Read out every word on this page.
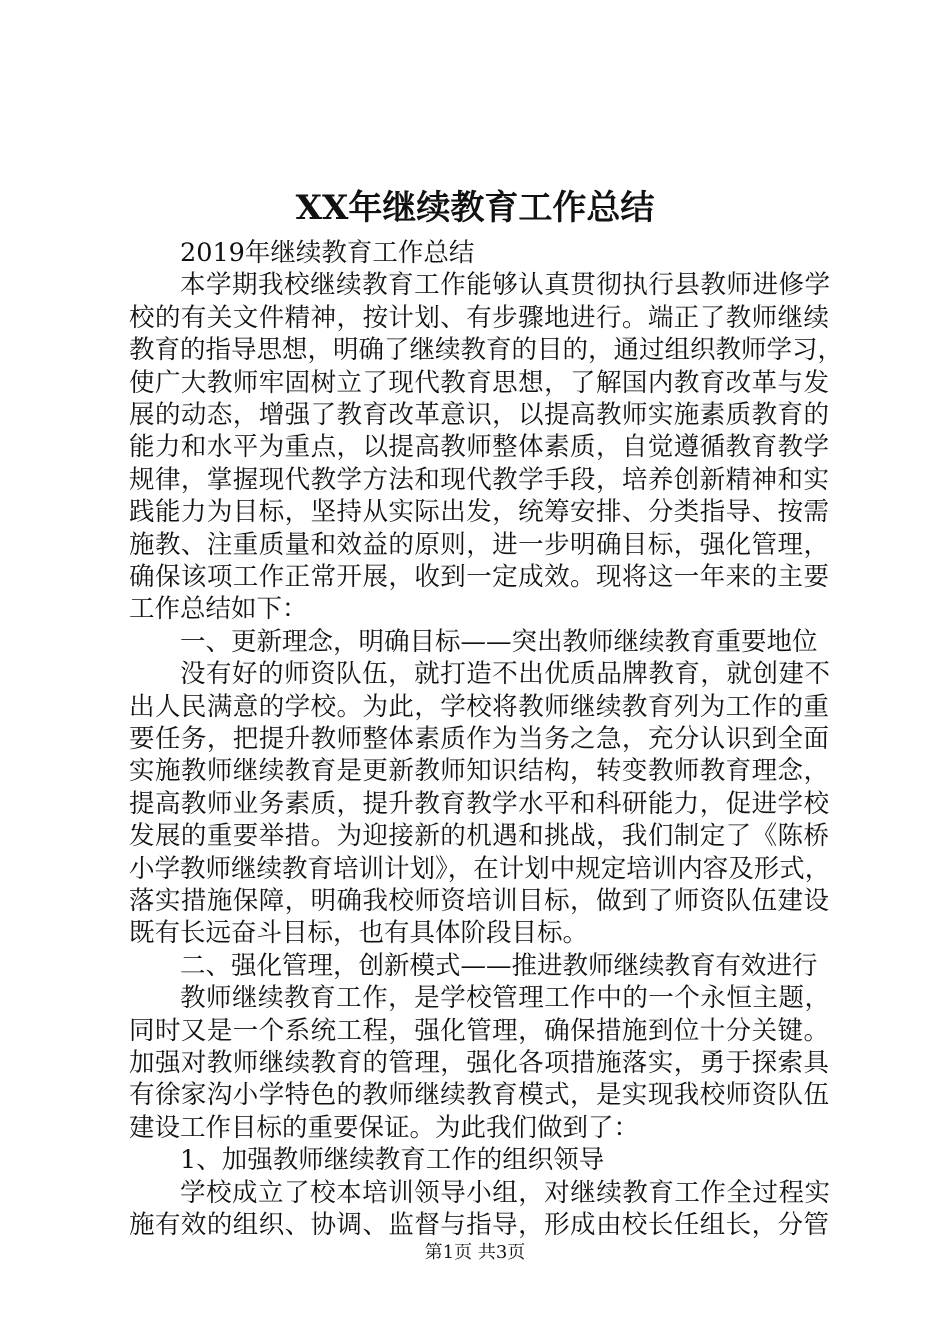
XX年继续教育工作总结
2019年继续教育工作总结
本学期我校继续教育工作能够认真贯彻执行县教师进修学
校的有关文件精神，按计划、有步骤地进行。端正了教师继续
教育的指导思想，明确了继续教育的目的，通过组织教师学习，
使广大教师牢固树立了现代教育思想，了解国内教育改革与发
展的动态，增强了教育改革意识，以提高教师实施素质教育的
能力和水平为重点，以提高教师整体素质，自觉遵循教育教学
规律，掌握现代教学方法和现代教学手段，培养创新精神和实
践能力为目标，坚持从实际出发，统筹安排、分类指导、按需
施教、注重质量和效益的原则，进一步明确目标，强化管理，
确保该项工作正常开展，收到一定成效。现将这一年来的主要
工作总结如下：
一、更新理念，明确目标——突出教师继续教育重要地位
没有好的师资队伍，就打造不出优质品牌教育，就创建不
出人民满意的学校。为此，学校将教师继续教育列为工作的重
要任务，把提升教师整体素质作为当务之急，充分认识到全面
实施教师继续教育是更新教师知识结构，转变教师教育理念，
提高教师业务素质，提升教育教学水平和科研能力，促进学校
发展的重要举措。为迎接新的机遇和挑战，我们制定了《陈桥
小学教师继续教育培训计划》，在计划中规定培训内容及形式，
落实措施保障，明确我校师资培训目标，做到了师资队伍建设
既有长远奋斗目标，也有具体阶段目标。
二、强化管理，创新模式——推进教师继续教育有效进行
教师继续教育工作，是学校管理工作中的一个永恒主题，
同时又是一个系统工程，强化管理，确保措施到位十分关键。
加强对教师继续教育的管理，强化各项措施落实，勇于探索具
有徐家沟小学特色的教师继续教育模式，是实现我校师资队伍
建设工作目标的重要保证。为此我们做到了：
1、加强教师继续教育工作的组织领导
学校成立了校本培训领导小组，对继续教育工作全过程实
施有效的组织、协调、监督与指导，形成由校长任组长，分管
第1页 共3页
